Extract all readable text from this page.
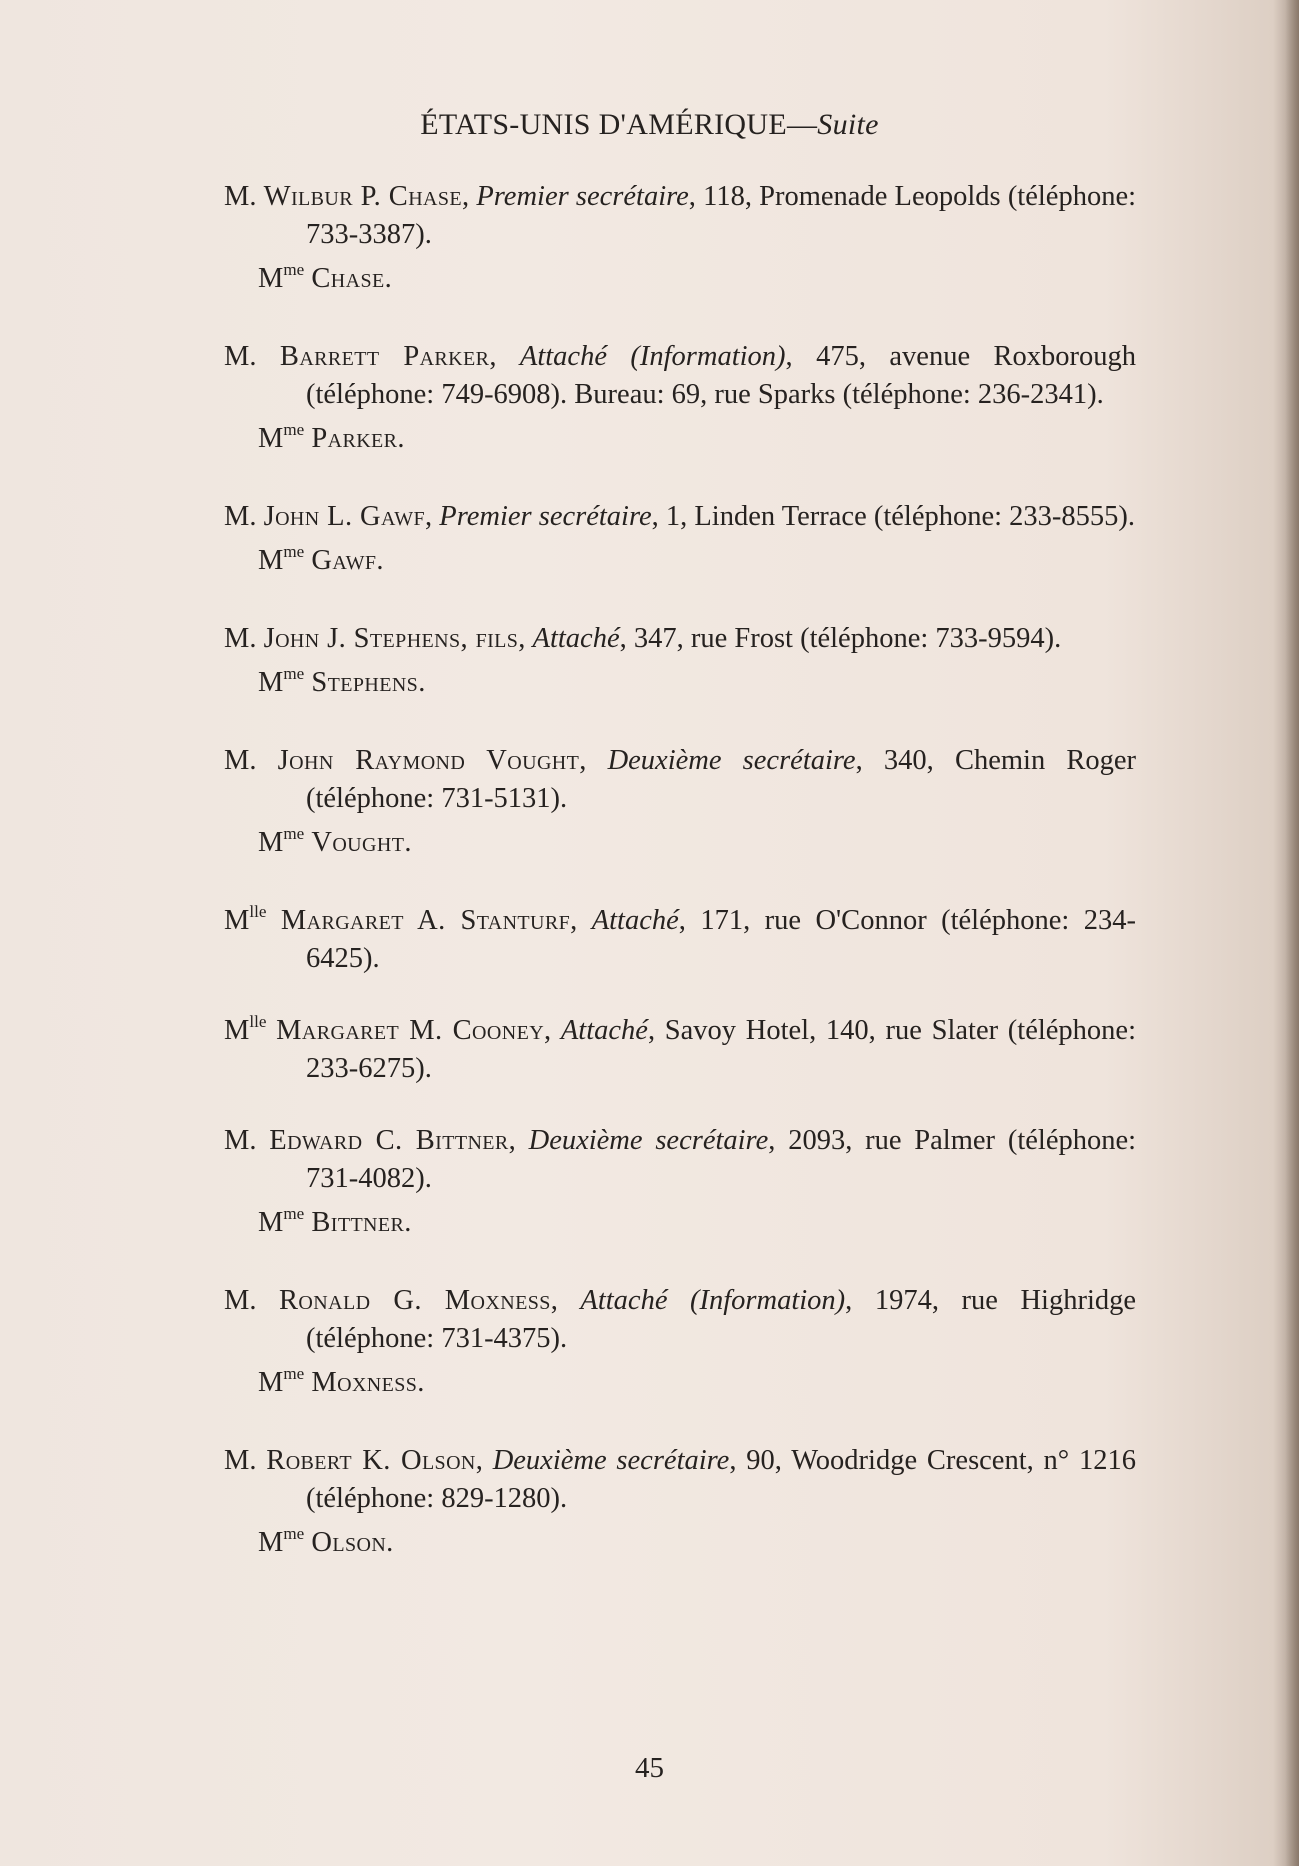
ÉTATS-UNIS D'AMÉRIQUE—Suite
M. Wilbur P. Chase, Premier secrétaire, 118, Promenade Leopolds (téléphone: 733-3387).
$M^{me}$ Chase.
M. Barrett Parker, Attaché (Information), 475, avenue Roxborough (téléphone: 749-6908). Bureau: 69, rue Sparks (téléphone: 236-2341).
$M^{me}$ Parker.
M. John L. Gawf, Premier secrétaire, 1, Linden Terrace (téléphone: 233-8555).
$M^{me}$ Gawf.
M. John J. Stephens, fils, Attaché, 347, rue Frost (téléphone: 733-9594).
$M^{me}$ Stephens.
M. John Raymond Vought, Deuxième secrétaire, 340, Chemin Roger (téléphone: 731-5131).
$M^{me}$ Vought.
$M^{lle}$ Margaret A. Stanturf, Attaché, 171, rue O'Connor (téléphone: 234-6425).
$M^{lle}$ Margaret M. Cooney, Attaché, Savoy Hotel, 140, rue Slater (téléphone: 233-6275).
M. Edward C. Bittner, Deuxième secrétaire, 2093, rue Palmer (téléphone: 731-4082).
$M^{me}$ Bittner.
M. Ronald G. Moxness, Attaché (Information), 1974, rue Highridge (téléphone: 731-4375).
$M^{me}$ Moxness.
M. Robert K. Olson, Deuxième secrétaire, 90, Woodridge Crescent, n° 1216 (téléphone: 829-1280).
$M^{me}$ Olson.
45
